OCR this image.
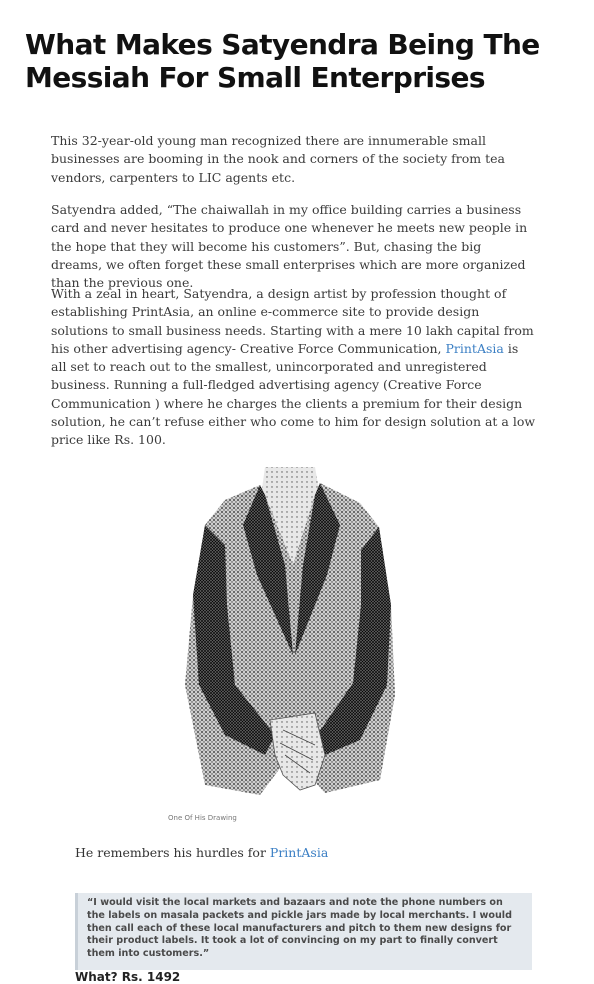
What Makes Satyendra Being The Messiah For Small Enterprises

This 32-year-old young man recognized there are innumerable small businesses are booming in the nook and corners of the society from tea vendors, carpenters to LIC agents etc.

Satyendra added, “The chaiwallah in my office building carries a business card and never hesitates to produce one whenever he meets new people in the hope that they will become his customers”. But, chasing the big dreams, we often forget these small enterprises which are more organized than the previous one.

With a zeal in heart, Satyendra, a design artist by profession thought of establishing PrintAsia, an online e-commerce site to provide design solutions to small business needs. Starting with a mere 10 lakh capital from his other advertising agency- Creative Force Communication, PrintAsia is all set to reach out to the smallest, unincorporated and unregistered business. Running a full-fledged advertising agency (Creative Force Communication ) where he charges the clients a premium for their design solution, he can’t refuse either who come to him for design solution at a low price like Rs. 100.

One Of His Drawing

He remembers his hurdles for PrintAsia

“I would visit the local markets and bazaars and note the phone numbers on the labels on masala packets and pickle jars made by local merchants. I would then call each of these local manufacturers and pitch to them new designs for their product labels. It took a lot of convincing on my part to finally convert them into customers.”
What? Rs. 1492
